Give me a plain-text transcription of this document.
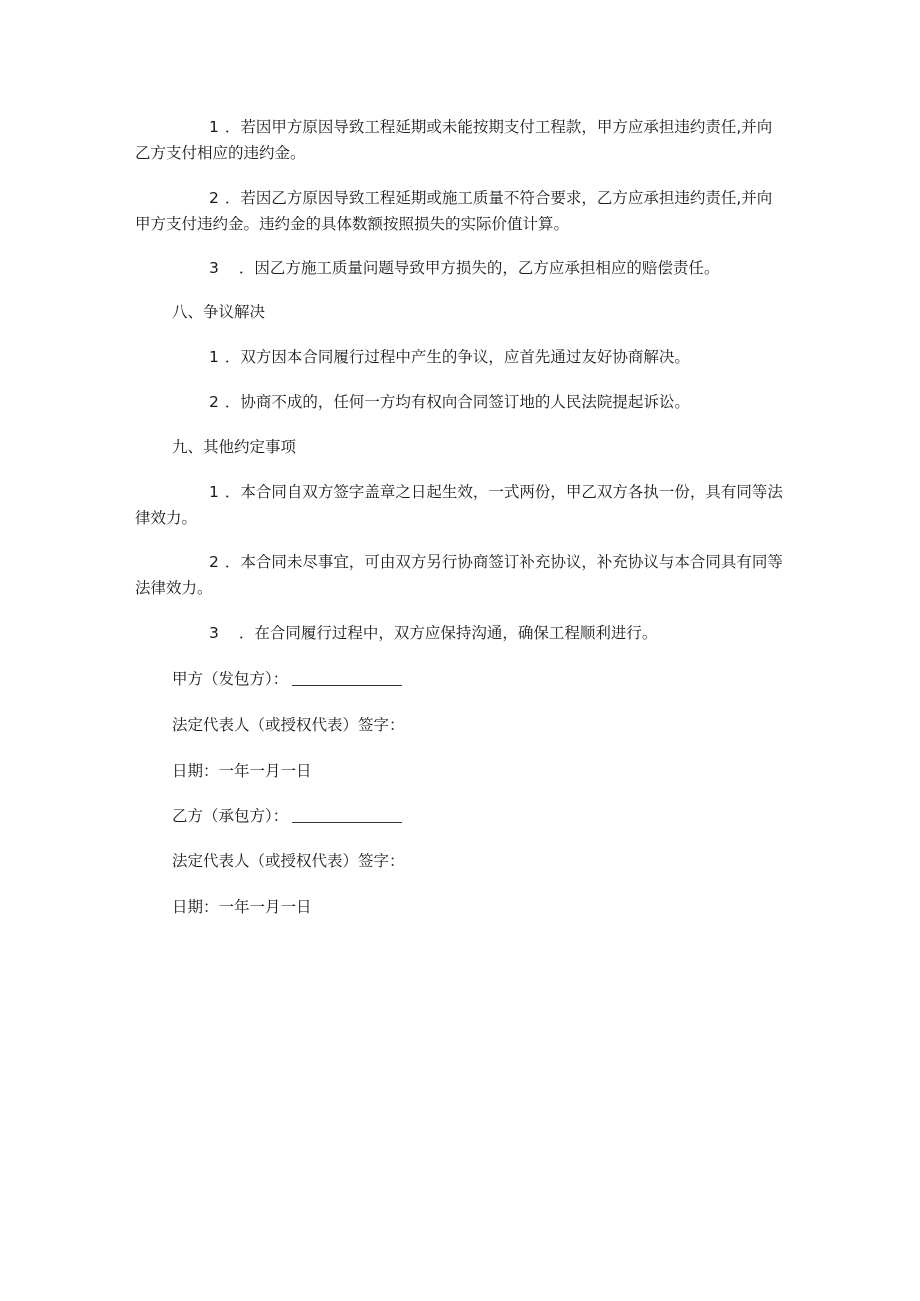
1 ．若因甲方原因导致工程延期或未能按期支付工程款，甲方应承担违约责任,并向乙方支付相应的违约金。

2 ．若因乙方原因导致工程延期或施工质量不符合要求，乙方应承担违约责任,并向甲方支付违约金。违约金的具体数额按照损失的实际价值计算。

3 ．因乙方施工质量问题导致甲方损失的，乙方应承担相应的赔偿责任。

八、争议解决

1 ．双方因本合同履行过程中产生的争议，应首先通过友好协商解决。

2 ．协商不成的，任何一方均有权向合同签订地的人民法院提起诉讼。

九、其他约定事项

1 ．本合同自双方签字盖章之日起生效，一式两份，甲乙双方各执一份，具有同等法律效力。

2 ．本合同未尽事宜，可由双方另行协商签订补充协议，补充协议与本合同具有同等法律效力。

3 ．在合同履行过程中，双方应保持沟通，确保工程顺利进行。

甲方（发包方）：

法定代表人（或授权代表）签字：

日期：一年一月一日

乙方（承包方）：

法定代表人（或授权代表）签字：

日期：一年一月一日
